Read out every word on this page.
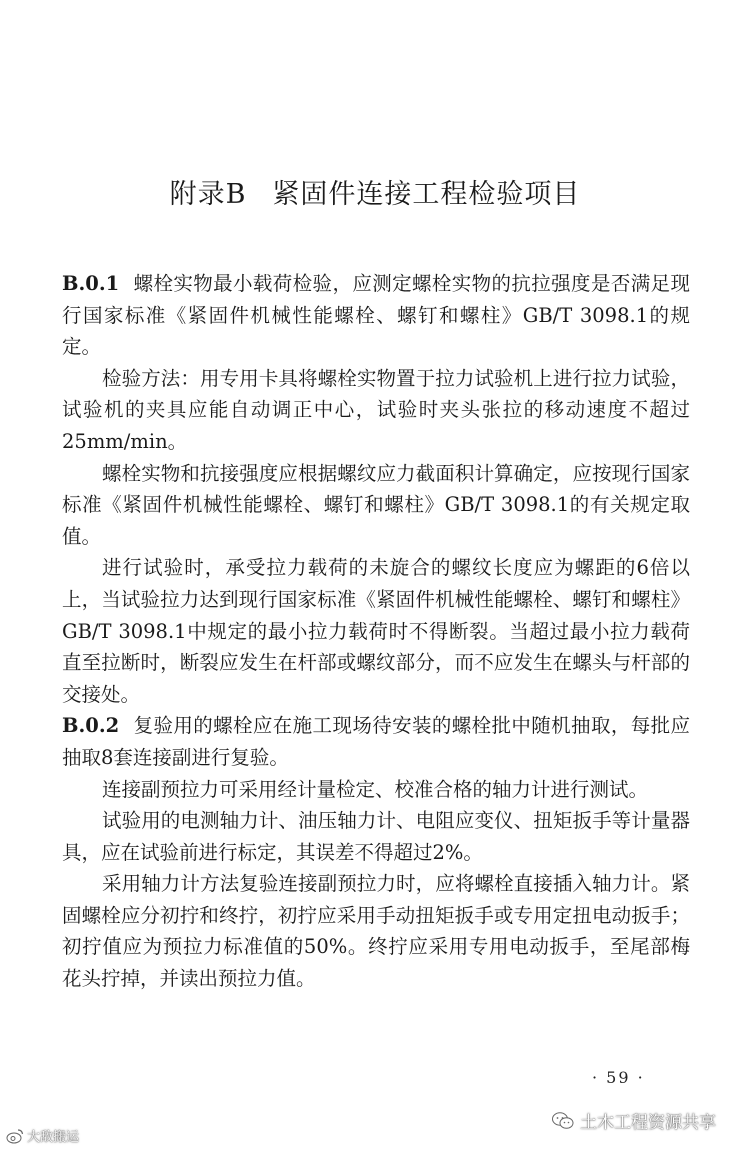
附录B 紧固件连接工程检验项目

B.0.1 螺栓实物最小载荷检验，应测定螺栓实物的抗拉强度是否满足现行国家标准《紧固件机械性能螺栓、螺钉和螺柱》GB/T 3098.1的规定。

检验方法：用专用卡具将螺栓实物置于拉力试验机上进行拉力试验，试验机的夹具应能自动调正中心，试验时夹头张拉的移动速度不超过25mm/min。

螺栓实物和抗接强度应根据螺纹应力截面积计算确定，应按现行国家标准《紧固件机械性能螺栓、螺钉和螺柱》GB/T 3098.1的有关规定取值。

进行试验时，承受拉力载荷的未旋合的螺纹长度应为螺距的6倍以上，当试验拉力达到现行国家标准《紧固件机械性能螺栓、螺钉和螺柱》GB/T 3098.1中规定的最小拉力载荷时不得断裂。当超过最小拉力载荷直至拉断时，断裂应发生在杆部或螺纹部分，而不应发生在螺头与杆部的交接处。

B.0.2 复验用的螺栓应在施工现场待安装的螺栓批中随机抽取，每批应抽取8套连接副进行复验。

连接副预拉力可采用经计量检定、校准合格的轴力计进行测试。

试验用的电测轴力计、油压轴力计、电阻应变仪、扭矩扳手等计量器具，应在试验前进行标定，其误差不得超过2%。

采用轴力计方法复验连接副预拉力时，应将螺栓直接插入轴力计。紧固螺栓应分初拧和终拧，初拧应采用手动扭矩扳手或专用定扭电动扳手；初拧值应为预拉力标准值的50%。终拧应采用专用电动扳手，至尾部梅花头拧掉，并读出预拉力值。

· 59 ·
土木工程资源共享
大敌搬运
